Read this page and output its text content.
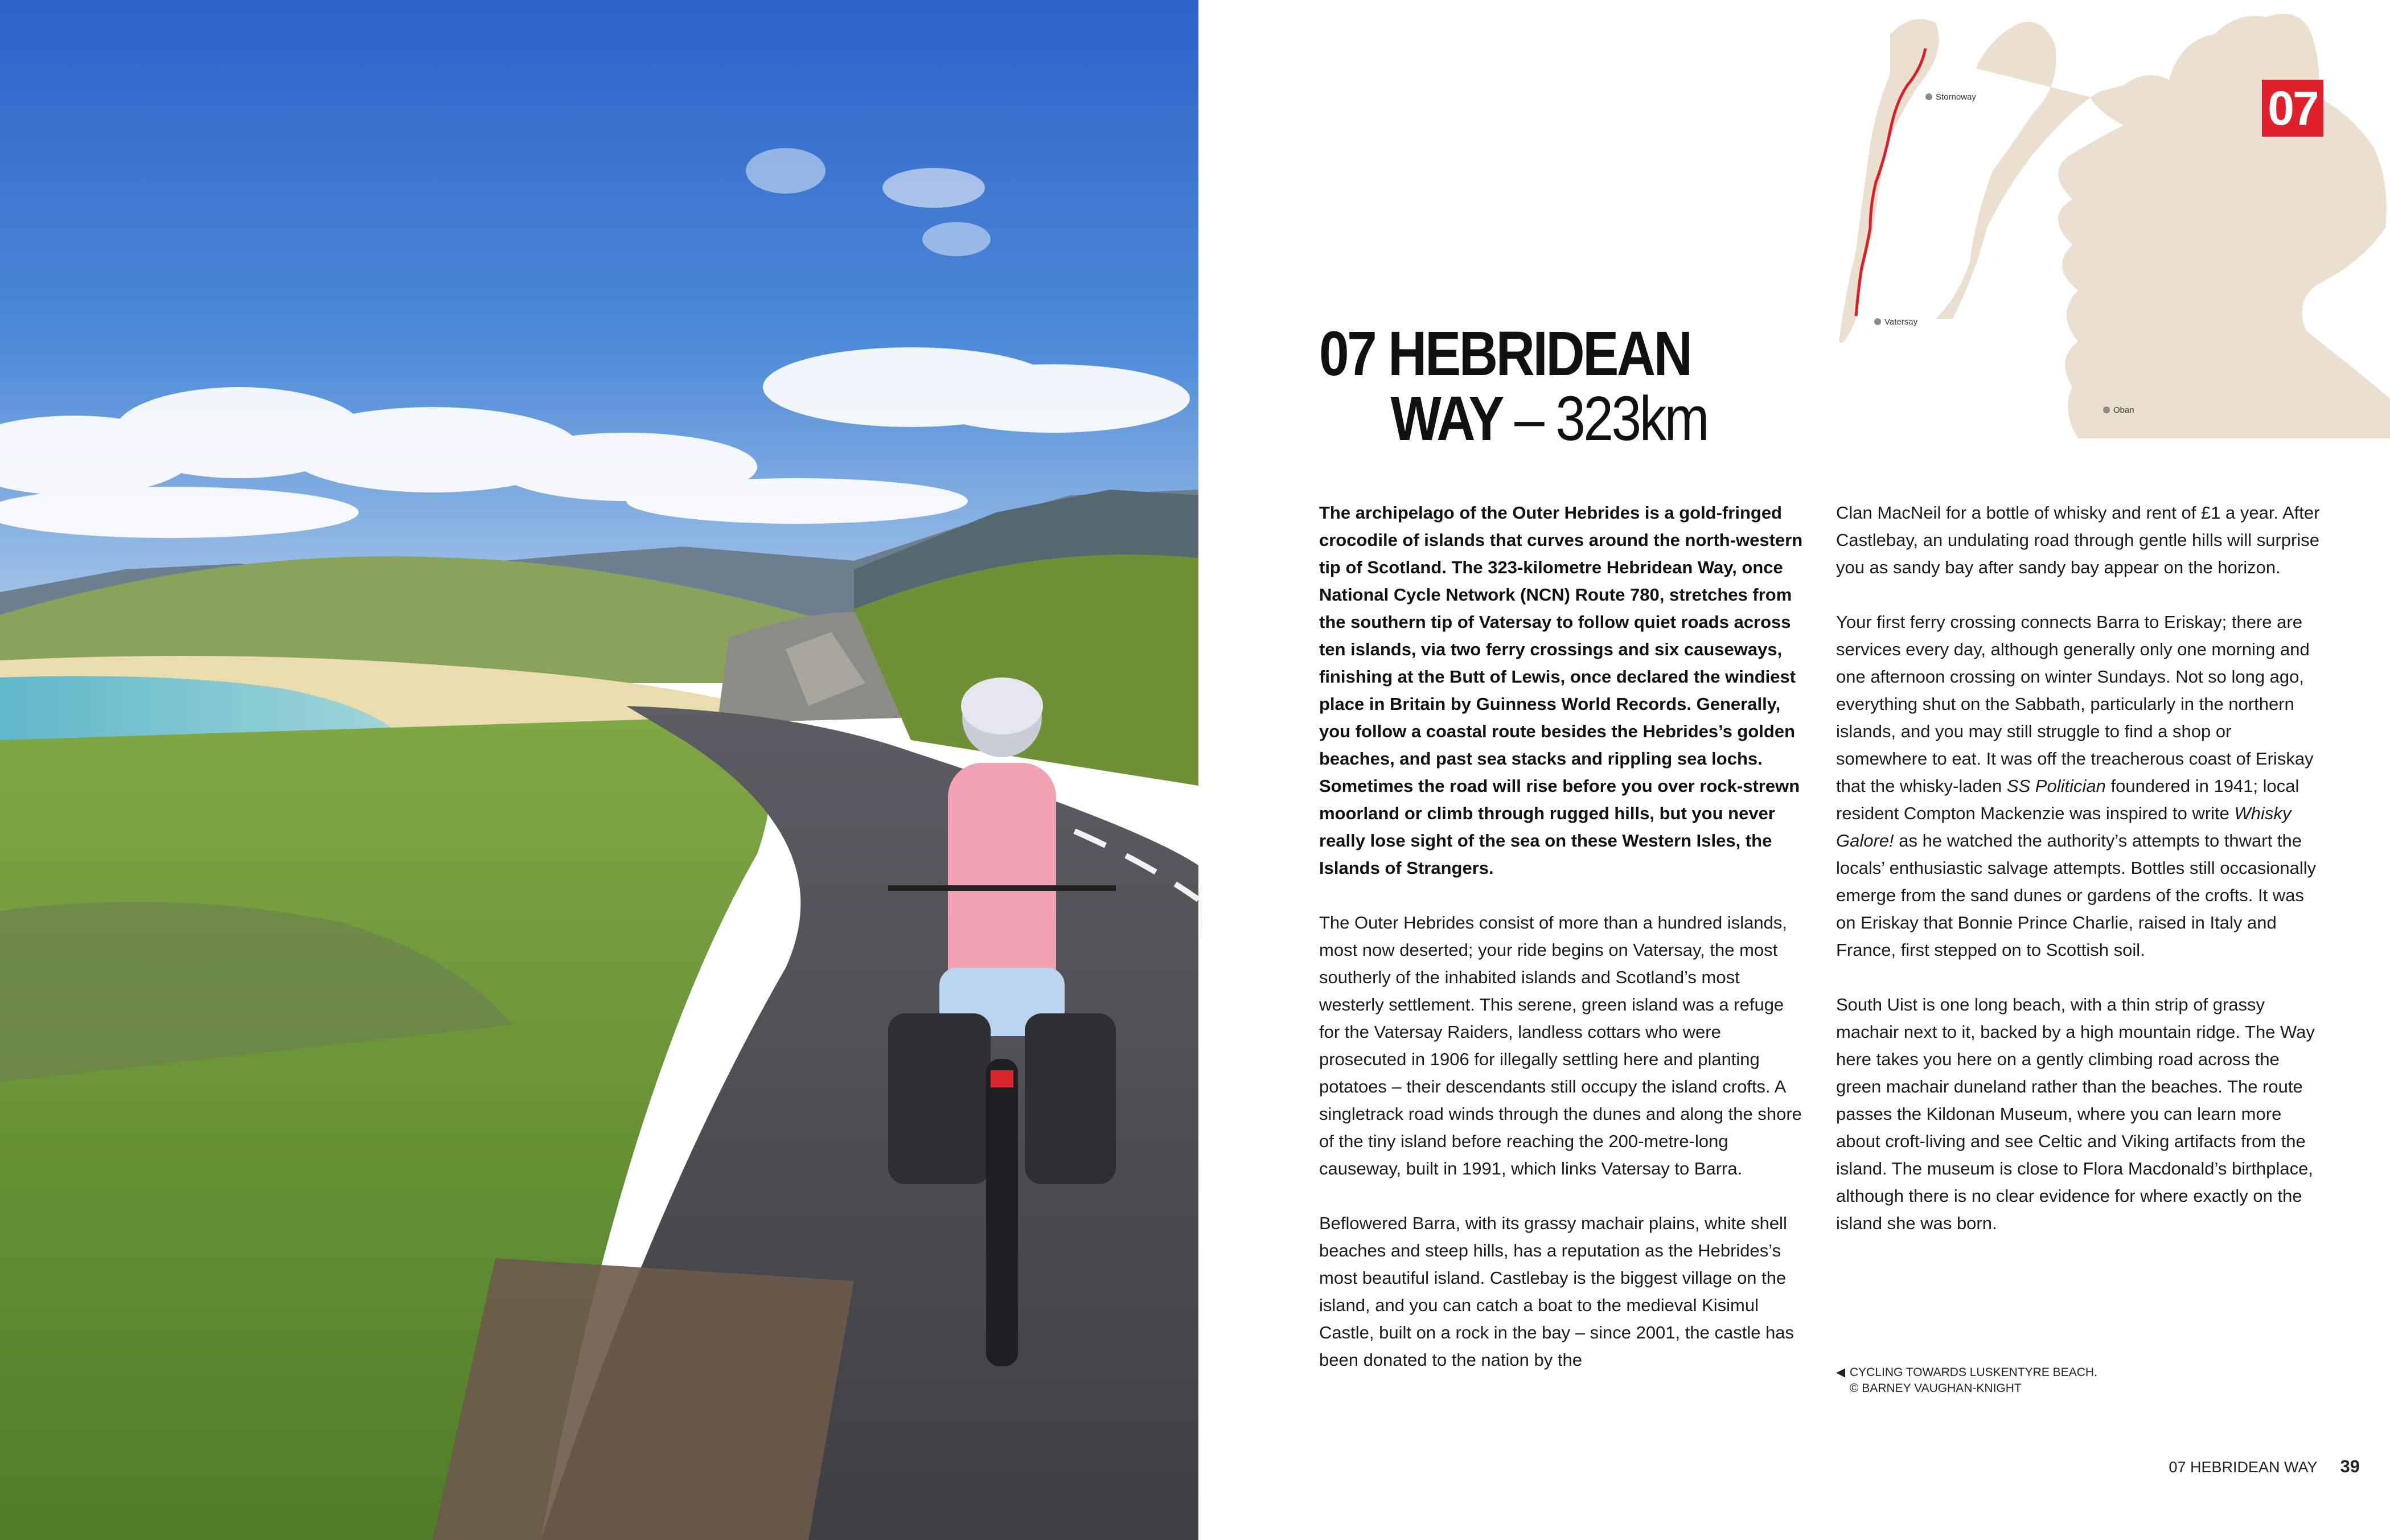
Stornoway
Vatersay
Oban
07
07 HEBRIDEAN
WAY – 323km

The archipelago of the Outer Hebrides is a gold-fringed crocodile of islands that curves around the north-western tip of Scotland. The 323-kilometre Hebridean Way, once National Cycle Network (NCN) Route 780, stretches from the southern tip of Vatersay to follow quiet roads across ten islands, via two ferry crossings and six causeways, finishing at the Butt of Lewis, once declared the windiest place in Britain by Guinness World Records. Generally, you follow a coastal route besides the Hebrides’s golden beaches, and past sea stacks and rippling sea lochs. Sometimes the road will rise before you over rock-strewn moorland or climb through rugged hills, but you never really lose sight of the sea on these Western Isles, the Islands of Strangers.

The Outer Hebrides consist of more than a hundred islands, most now deserted; your ride begins on Vatersay, the most southerly of the inhabited islands and Scotland’s most westerly settlement. This serene, green island was a refuge for the Vatersay Raiders, landless cottars who were prosecuted in 1906 for illegally settling here and planting potatoes – their descendants still occupy the island crofts. A singletrack road winds through the dunes and along the shore of the tiny island before reaching the 200-metre-long causeway, built in 1991, which links Vatersay to Barra.

Beflowered Barra, with its grassy machair plains, white shell beaches and steep hills, has a reputation as the Hebrides’s most beautiful island. Castlebay is the biggest village on the island, and you can catch a boat to the medieval Kisimul Castle, built on a rock in the bay – since 2001, the castle has been donated to the nation by the

Clan MacNeil for a bottle of whisky and rent of £1 a year. After Castlebay, an undulating road through gentle hills will surprise you as sandy bay after sandy bay appear on the horizon.

Your first ferry crossing connects Barra to Eriskay; there are services every day, although generally only one morning and one afternoon crossing on winter Sundays. Not so long ago, everything shut on the Sabbath, particularly in the northern islands, and you may still struggle to find a shop or somewhere to eat. It was off the treacherous coast of Eriskay that the whisky-laden SS Politician foundered in 1941; local resident Compton Mackenzie was inspired to write Whisky Galore! as he watched the authority’s attempts to thwart the locals’ enthusiastic salvage attempts. Bottles still occasionally emerge from the sand dunes or gardens of the crofts. It was on Eriskay that Bonnie Prince Charlie, raised in Italy and France, first stepped on to Scottish soil.

South Uist is one long beach, with a thin strip of grassy machair next to it, backed by a high mountain ridge. The Way here takes you here on a gently climbing road across the green machair duneland rather than the beaches. The route passes the Kildonan Museum, where you can learn more about croft-living and see Celtic and Viking artifacts from the island. The museum is close to Flora Macdonald’s birthplace, although there is no clear evidence for where exactly on the island she was born.

◀ CYCLING TOWARDS LUSKENTYRE BEACH.
© BARNEY VAUGHAN-KNIGHT
07 HEBRIDEAN WAY 39
